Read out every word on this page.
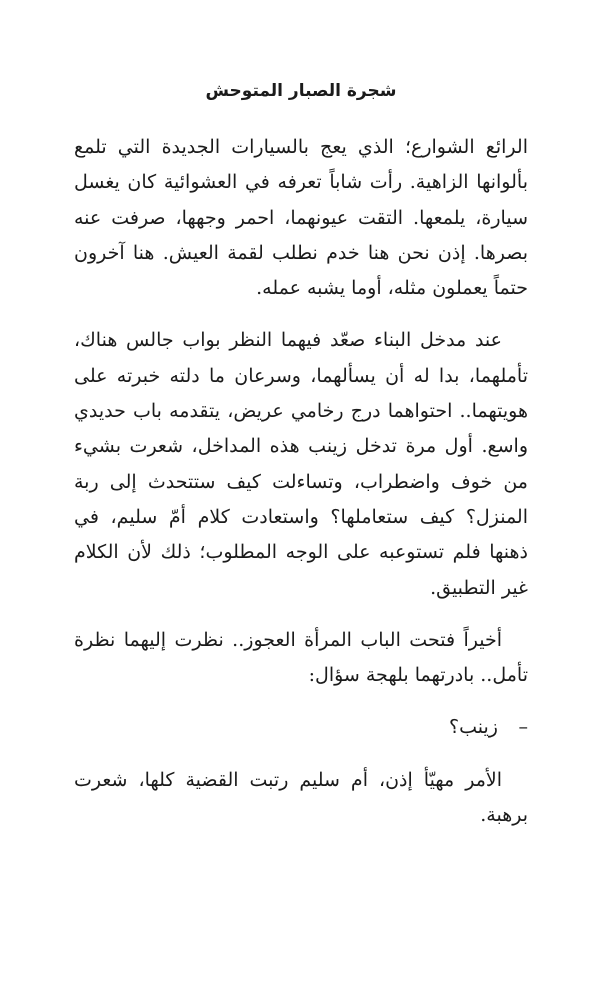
شجرة الصبار المتوحش

الرائع الشوارع؛ الذي يعج بالسيارات الجديدة التي تلمع بألوانها الزاهية. رأت شاباً تعرفه في العشوائية كان يغسل سيارة، يلمعها. التقت عيونهما، احمر وجهها، صرفت عنه بصرها. إذن نحن هنا خدم نطلب لقمة العيش. هنا آخرون حتماً يعملون مثله، أوما يشبه عمله.

عند مدخل البناء صعّد فيهما النظر بواب جالس هناك، تأملهما، بدا له أن يسألهما، وسرعان ما دلته خبرته على هويتهما.. احتواهما درج رخامي عريض، يتقدمه باب حديدي واسع. أول مرة تدخل زينب هذه المداخل، شعرت بشيء من خوف واضطراب، وتساءلت كيف ستتحدث إلى ربة المنزل؟ كيف ستعاملها؟ واستعادت كلام أمّ سليم، في ذهنها فلم تستوعبه على الوجه المطلوب؛ ذلك لأن الكلام غير التطبيق.

أخيراً فتحت الباب المرأة العجوز.. نظرت إليهما نظرة تأمل.. بادرتهما بلهجة سؤال:

–زينب؟

الأمر مهيّأ إذن، أم سليم رتبت القضية كلها، شعرت برهبة.
